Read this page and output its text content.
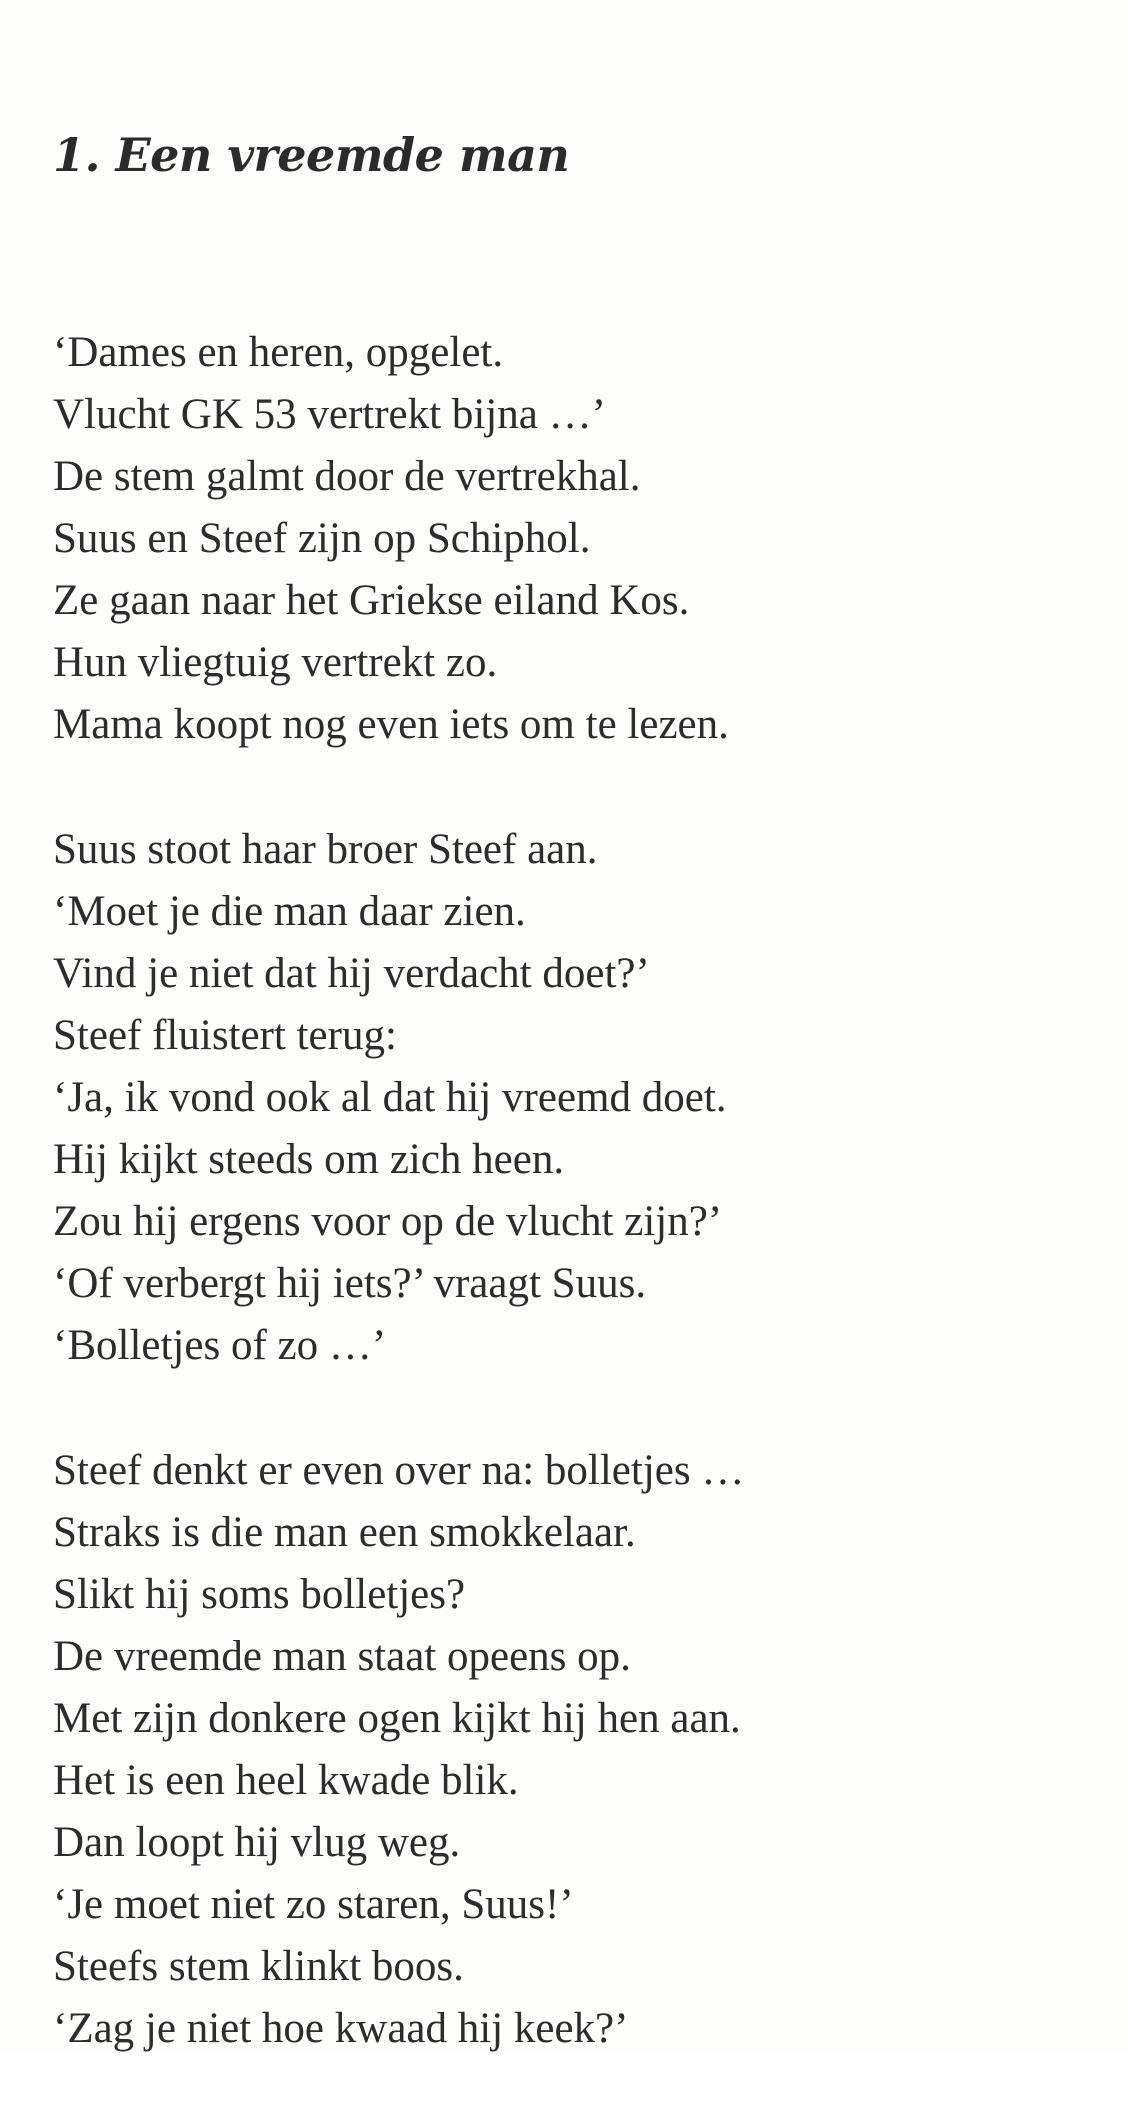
1. Een vreemde man
‘Dames en heren, opgelet.
Vlucht GK 53 vertrekt bijna …’
De stem galmt door de vertrekhal.
Suus en Steef zijn op Schiphol.
Ze gaan naar het Griekse eiland Kos.
Hun vliegtuig vertrekt zo.
Mama koopt nog even iets om te lezen.
Suus stoot haar broer Steef aan.
‘Moet je die man daar zien.
Vind je niet dat hij verdacht doet?’
Steef fluistert terug:
‘Ja, ik vond ook al dat hij vreemd doet.
Hij kijkt steeds om zich heen.
Zou hij ergens voor op de vlucht zijn?’
‘Of verbergt hij iets?’ vraagt Suus.
‘Bolletjes of zo …’
Steef denkt er even over na: bolletjes …
Straks is die man een smokkelaar.
Slikt hij soms bolletjes?
De vreemde man staat opeens op.
Met zijn donkere ogen kijkt hij hen aan.
Het is een heel kwade blik.
Dan loopt hij vlug weg.
‘Je moet niet zo staren, Suus!’
Steefs stem klinkt boos.
‘Zag je niet hoe kwaad hij keek?’
